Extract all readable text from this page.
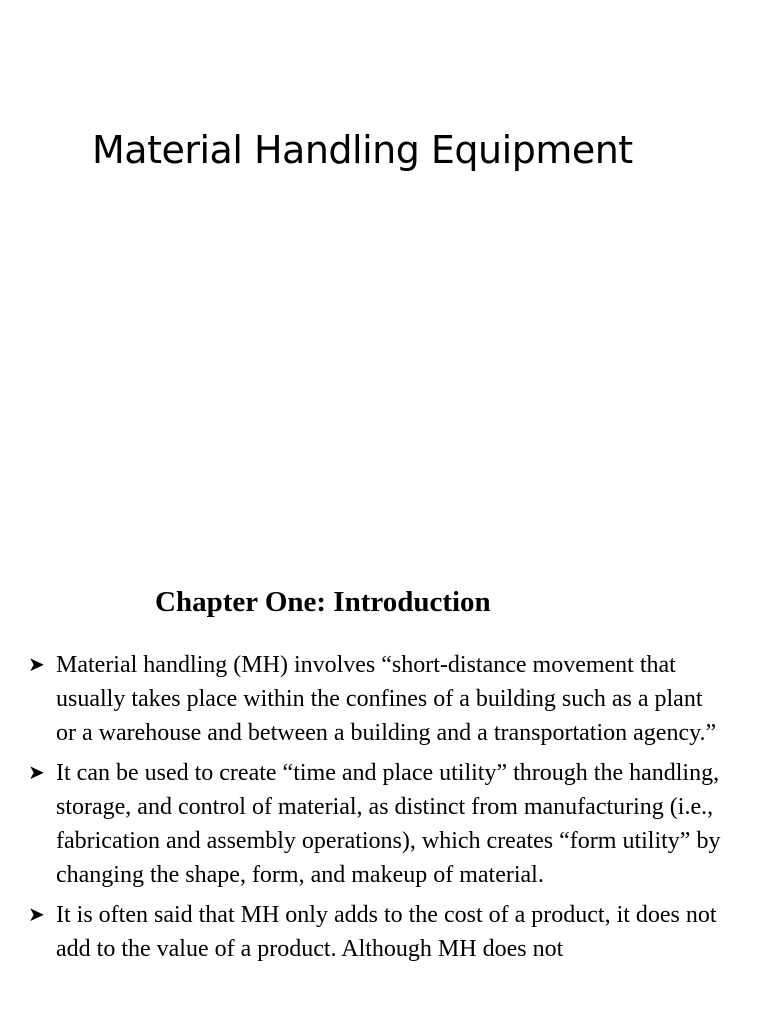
Material Handling Equipment
Chapter One: Introduction
➤ Material handling (MH) involves “short-distance movement that usually takes place within the confines of a building such as a plant or a warehouse and between a building and a transportation agency.”
➤ It can be used to create “time and place utility” through the handling, storage, and control of material, as distinct from manufacturing (i.e., fabrication and assembly operations), which creates “form utility” by changing the shape, form, and makeup of material.
➤ It is often said that MH only adds to the cost of a product, it does not add to the value of a product. Although MH does not
